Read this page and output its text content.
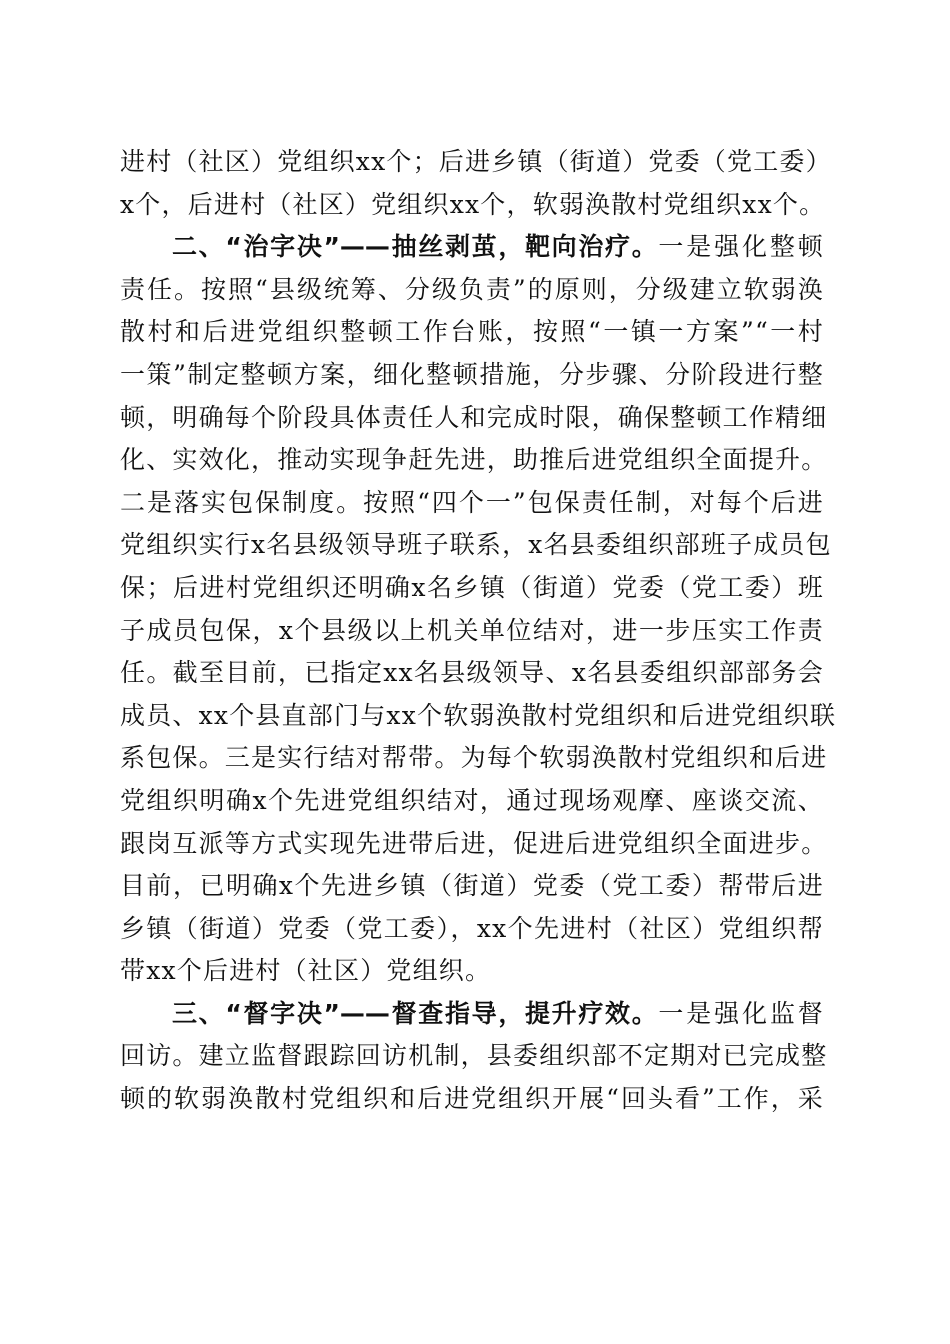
进村（社区）党组织xx个；后进乡镇（街道）党委（党工委）
x个，后进村（社区）党组织xx个，软弱涣散村党组织xx个。

二、“治字决”——抽丝剥茧，靶向治疗。一是强化整顿
责任。按照“县级统筹、分级负责”的原则，分级建立软弱涣
散村和后进党组织整顿工作台账，按照“一镇一方案”“一村
一策”制定整顿方案，细化整顿措施，分步骤、分阶段进行整
顿，明确每个阶段具体责任人和完成时限，确保整顿工作精细
化、实效化，推动实现争赶先进，助推后进党组织全面提升。
二是落实包保制度。按照“四个一”包保责任制，对每个后进
党组织实行x名县级领导班子联系，x名县委组织部班子成员包
保；后进村党组织还明确x名乡镇（街道）党委（党工委）班
子成员包保，x个县级以上机关单位结对，进一步压实工作责
任。截至目前，已指定xx名县级领导、x名县委组织部部务会
成员、xx个县直部门与xx个软弱涣散村党组织和后进党组织联
系包保。三是实行结对帮带。为每个软弱涣散村党组织和后进
党组织明确x个先进党组织结对，通过现场观摩、座谈交流、
跟岗互派等方式实现先进带后进，促进后进党组织全面进步。
目前，已明确x个先进乡镇（街道）党委（党工委）帮带后进
乡镇（街道）党委（党工委），xx个先进村（社区）党组织帮
带xx个后进村（社区）党组织。

三、“督字决”——督查指导，提升疗效。一是强化监督
回访。建立监督跟踪回访机制，县委组织部不定期对已完成整
顿的软弱涣散村党组织和后进党组织开展“回头看”工作，采
